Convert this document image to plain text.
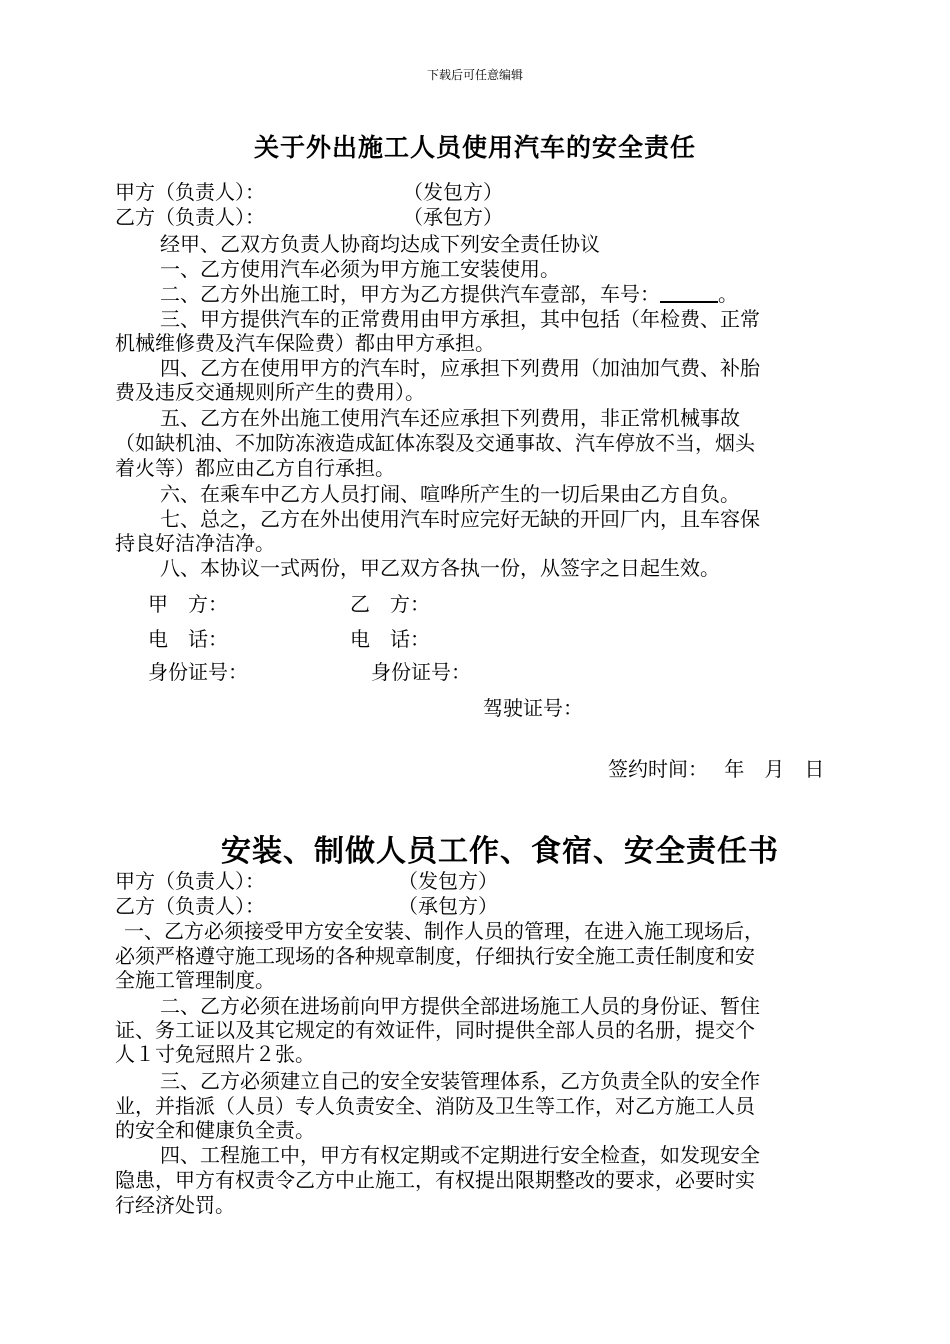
下载后可任意编辑
关于外出施工人员使用汽车的安全责任
甲方（负责人）：	（发包方）
乙方（负责人）：	（承包方）
经甲、乙双方负责人协商均达成下列安全责任协议
一、乙方使用汽车必须为甲方施工安装使用。
二、乙方外出施工时，甲方为乙方提供汽车壹部，车号：	。
三、甲方提供汽车的正常费用由甲方承担，其中包括（年检费、正常
机械维修费及汽车保险费）都由甲方承担。
四、乙方在使用甲方的汽车时，应承担下列费用（加油加气费、补胎
费及违反交通规则所产生的费用）。
五、乙方在外出施工使用汽车还应承担下列费用，非正常机械事故
（如缺机油、不加防冻液造成缸体冻裂及交通事故、汽车停放不当，烟头
着火等）都应由乙方自行承担。
六、在乘车中乙方人员打闹、喧哗所产生的一切后果由乙方自负。
七、总之，乙方在外出使用汽车时应完好无缺的开回厂内，且车容保
持良好洁净洁净。
八、本协议一式两份，甲乙双方各执一份，从签字之日起生效。
甲　方：	乙　方：
电　话：	电　话：
身份证号：	身份证号：
驾驶证号：
签约时间：　 年　月　日
安装、制做人员工作、食宿、安全责任书
甲方（负责人）：	（发包方）
乙方（负责人）：	（承包方）
一、乙方必须接受甲方安全安装、制作人员的管理，在进入施工现场后，
必须严格遵守施工现场的各种规章制度，仔细执行安全施工责任制度和安
全施工管理制度。
二、乙方必须在进场前向甲方提供全部进场施工人员的身份证、暂住
证、务工证以及其它规定的有效证件，同时提供全部人员的名册，提交个
人１寸免冠照片２张。
三、乙方必须建立自己的安全安装管理体系，乙方负责全队的安全作
业，并指派（人员）专人负责安全、消防及卫生等工作，对乙方施工人员
的安全和健康负全责。
四、工程施工中，甲方有权定期或不定期进行安全检查，如发现安全
隐患，甲方有权责令乙方中止施工，有权提出限期整改的要求，必要时实
行经济处罚。
